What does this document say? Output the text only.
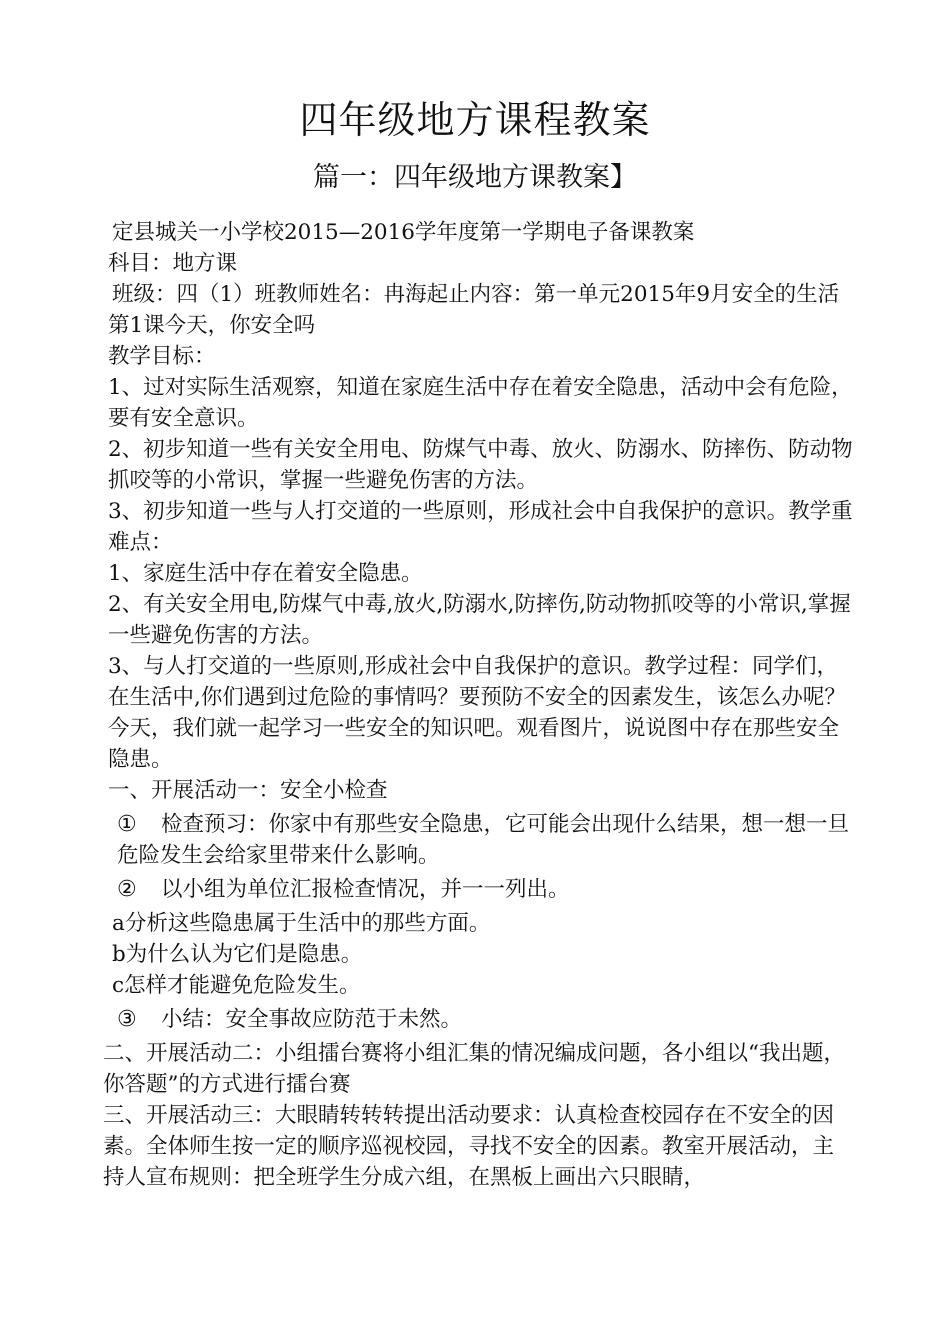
四年级地方课程教案
篇一：四年级地方课教案】

定县城关一小学校2015—2016学年度第一学期电子备课教案

科目：地方课

班级：四（1）班教师姓名：冉海起止内容：第一单元2015年9月安全的生活

第1课今天，你安全吗

教学目标：

1、过对实际生活观察，知道在家庭生活中存在着安全隐患，活动中会有危险，要有安全意识。

2、初步知道一些有关安全用电、防煤气中毒、放火、防溺水、防摔伤、防动物抓咬等的小常识，掌握一些避免伤害的方法。

3、初步知道一些与人打交道的一些原则，形成社会中自我保护的意识。教学重难点：

1、家庭生活中存在着安全隐患。

2、有关安全用电,防煤气中毒,放火,防溺水,防摔伤,防动物抓咬等的小常识,掌握一些避免伤害的方法。

3、与人打交道的一些原则,形成社会中自我保护的意识。教学过程：同学们，在生活中,你们遇到过危险的事情吗？要预防不安全的因素发生，该怎么办呢？今天，我们就一起学习一些安全的知识吧。观看图片，说说图中存在那些安全隐患。

一、开展活动一：安全小检查

① 检查预习：你家中有那些安全隐患，它可能会出现什么结果，想一想一旦危险发生会给家里带来什么影响。

② 以小组为单位汇报检查情况，并一一列出。

a分析这些隐患属于生活中的那些方面。

b为什么认为它们是隐患。

c怎样才能避免危险发生。

③ 小结：安全事故应防范于未然。

二、开展活动二：小组擂台赛将小组汇集的情况编成问题，各小组以“我出题，你答题”的方式进行擂台赛

三、开展活动三：大眼睛转转转提出活动要求：认真检查校园存在不安全的因素。全体师生按一定的顺序巡视校园，寻找不安全的因素。教室开展活动，主持人宣布规则：把全班学生分成六组，在黑板上画出六只眼睛，
